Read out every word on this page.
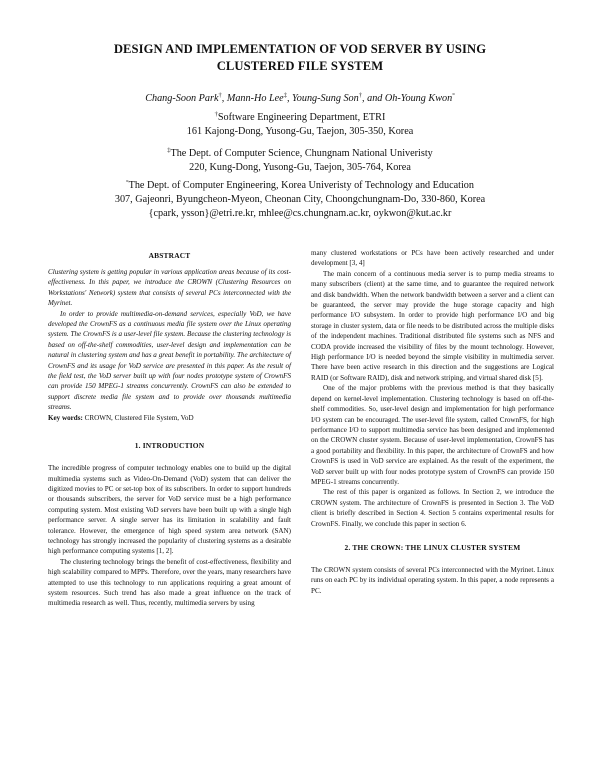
DESIGN AND IMPLEMENTATION OF VOD SERVER BY USING
CLUSTERED FILE SYSTEM
Chang-Soon Park†, Mann-Ho Lee‡, Young-Sung Son†, and Oh-Young Kwon°
†Software Engineering Department, ETRI
161 Kajong-Dong, Yusong-Gu, Taejon, 305-350, Korea
‡The Dept. of Computer Science, Chungnam National Univeristy
220, Kung-Dong, Yusong-Gu, Taejon, 305-764, Korea
°The Dept. of Computer Engineering, Korea Univeristy of Technology and Education
307, Gajeonri, Byungcheon-Myeon, Cheonan City, Choongchungnam-Do, 330-860, Korea
{cpark, ysson}@etri.re.kr, mhlee@cs.chungnam.ac.kr, oykwon@kut.ac.kr
ABSTRACT

Clustering system is getting popular in various application areas because of its cost-effectiveness. In this paper, we introduce the CROWN (Clustering Resources on Workstations' Network) system that consists of several PCs interconnected with the Myrinet.

In order to provide multimedia-on-demand services, especially VoD, we have developed the CrownFS as a continuous media file system over the Linux operating system. The CrownFS is a user-level file system. Because the clustering technology is based on off-the-shelf commodities, user-level design and implementation can be natural in clustering system and has a great benefit in portability. The architecture of CrownFS and its usage for VoD service are presented in this paper. As the result of the field test, the VoD server built up with four nodes prototype system of CrownFS can provide 150 MPEG-1 streams concurrently. CrownFS can also be extended to support discrete media file system and to provide over thousands multimedia streams.

Key words: CROWN, Clustered File System, VoD
1. INTRODUCTION

The incredible progress of computer technology enables one to build up the digital multimedia systems such as Video-On-Demand (VoD) system that can deliver the digitized movies to PC or set-top box of its subscribers. In order to support hundreds or thousands subscribers, the server for VoD service must be a high performance computing system. Most existing VoD servers have been built up with a single high performance server. A single server has its limitation in scalability and fault tolerance. However, the emergence of high speed system area network (SAN) technology has strongly increased the popularity of clustering systems as a desirable high performance computing systems [1, 2].

The clustering technology brings the benefit of cost-effectiveness, flexibility and high scalability compared to MPPs. Therefore, over the years, many researchers have attempted to use this technology to run applications requiring a great amount of system resources. Such trend has also made a great influence on the track of multimedia research as well. Thus, recently, multimedia servers by using

many clustered workstations or PCs have been actively researched and under development [3, 4]

The main concern of a continuous media server is to pump media streams to many subscribers (client) at the same time, and to guarantee the required network and disk bandwidth. When the network bandwidth between a server and a client can be guaranteed, the server may provide the huge storage capacity and high performance I/O subsystem. In order to provide high performance I/O and big storage in cluster system, data or file needs to be distributed across the multiple disks of the independent machines. Traditional distributed file systems such as NFS and CODA provide increased the visibility of files by the mount technology. However, High performance I/O is needed beyond the simple visibility in multimedia server. There have been active research in this direction and the suggestions are Logical RAID (or Software RAID), disk and network striping, and virtual shared disk [5].

One of the major problems with the previous method is that they basically depend on kernel-level implementation. Clustering technology is based on off-the-shelf commodities. So, user-level design and implementation for high performance I/O system can be encouraged. The user-level file system, called CrownFS, for high performance I/O to support multimedia service has been designed and implemented on the CROWN cluster system. Because of user-level implementation, CrownFS has a good portability and flexibility. In this paper, the architecture of CrownFS and how CrownFS is used in VoD service are explained. As the result of the experiment, the VoD server built up with four nodes prototype system of CrownFS can provide 150 MPEG-1 streams concurrently.

The rest of this paper is organized as follows. In Section 2, we introduce the CROWN system. The architecture of CrownFS is presented in Section 3. The VoD client is briefly described in Section 4. Section 5 contains experimental results for CrownFS. Finally, we conclude this paper in section 6.

2. THE CROWN: THE LINUX CLUSTER SYSTEM

The CROWN system consists of several PCs interconnected with the Myrinet. Linux runs on each PC by its individual operating system. In this paper, a node represents a PC.
